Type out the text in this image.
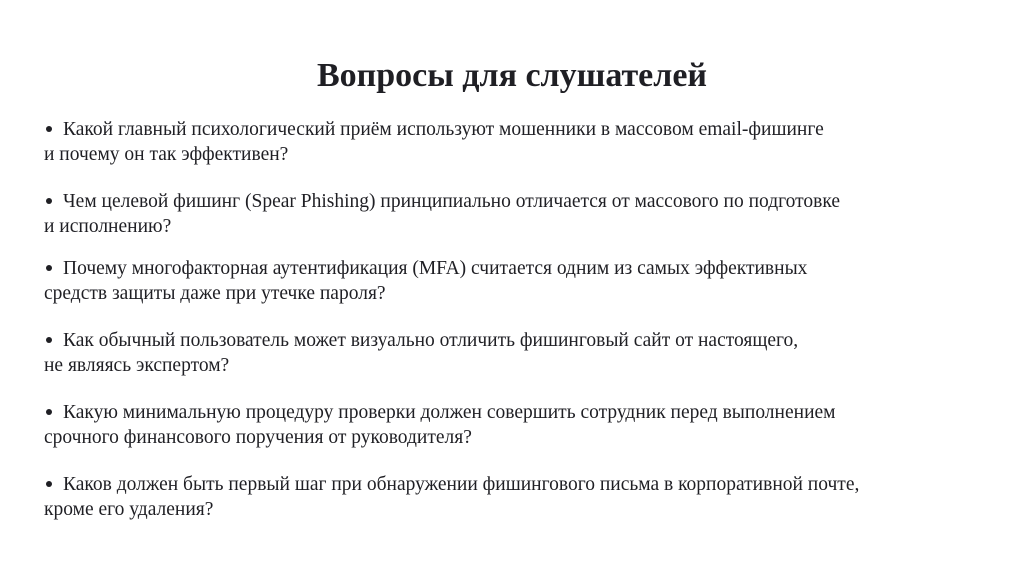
Вопросы для слушателей
Какой главный психологический приём используют мошенники в массовом email-фишинге
и почему он так эффективен?
Чем целевой фишинг (Spear Phishing) принципиально отличается от массового по подготовке
и исполнению?
Почему многофакторная аутентификация (MFA) считается одним из самых эффективных
средств защиты даже при утечке пароля?
Как обычный пользователь может визуально отличить фишинговый сайт от настоящего,
не являясь экспертом?
Какую минимальную процедуру проверки должен совершить сотрудник перед выполнением
срочного финансового поручения от руководителя?
Каков должен быть первый шаг при обнаружении фишингового письма в корпоративной почте,
кроме его удаления?
